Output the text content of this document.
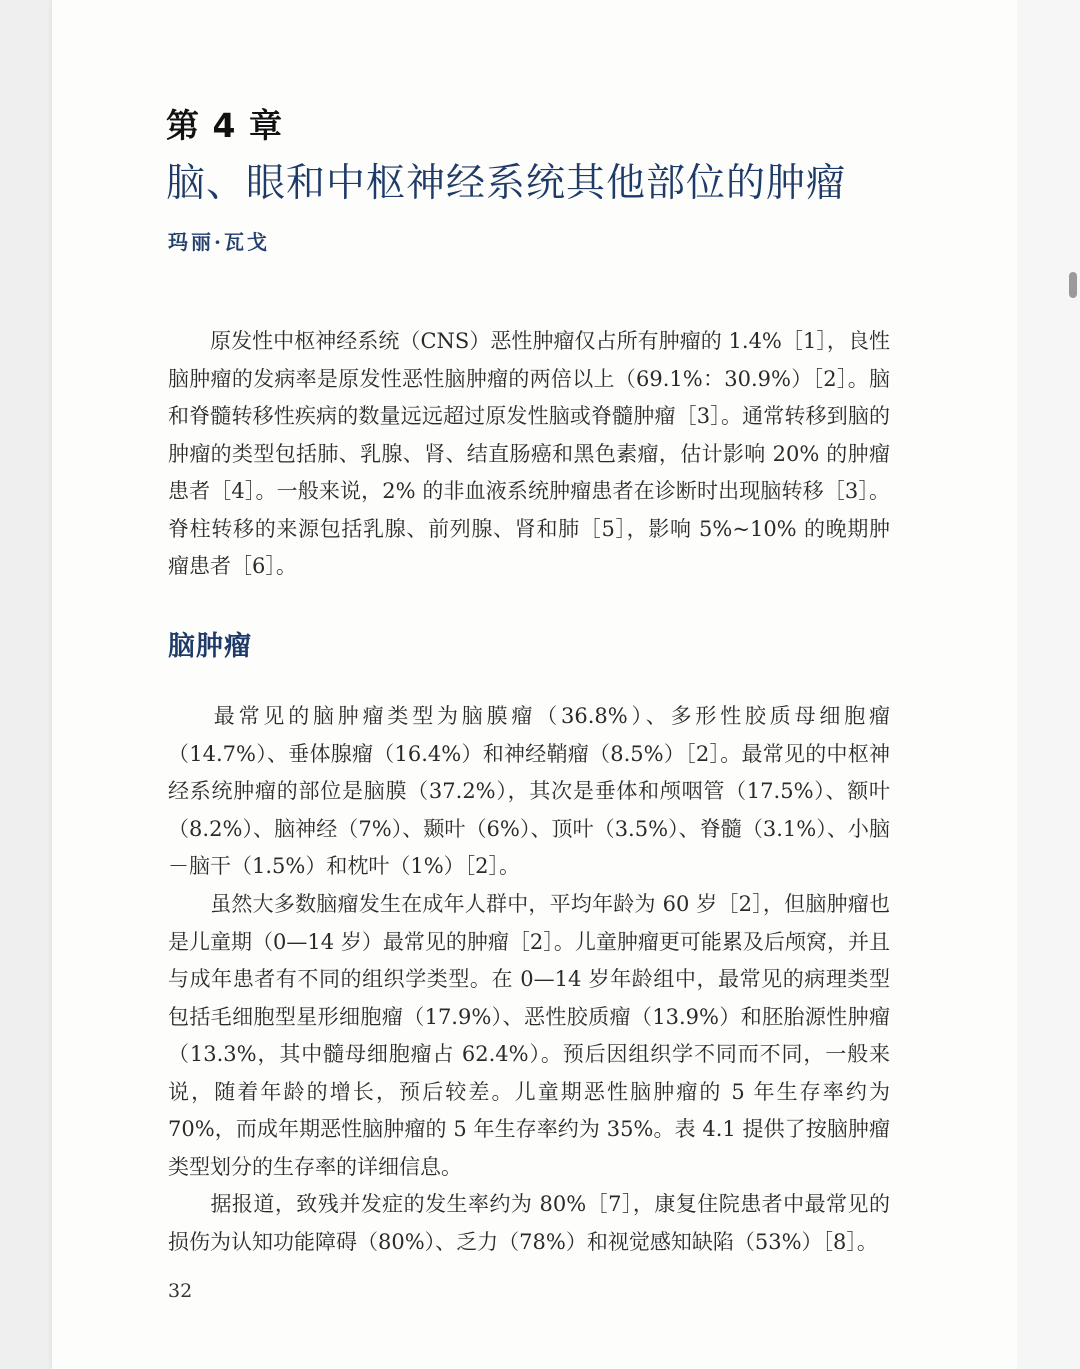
第 4 章
脑、眼和中枢神经系统其他部位的肿瘤
玛丽·瓦戈

原发性中枢神经系统（CNS）恶性肿瘤仅占所有肿瘤的 1.4%［1］，良性脑肿瘤的发病率是原发性恶性脑肿瘤的两倍以上（69.1%：30.9%）［2］。脑和脊髓转移性疾病的数量远远超过原发性脑或脊髓肿瘤［3］。通常转移到脑的肿瘤的类型包括肺、乳腺、肾、结直肠癌和黑色素瘤，估计影响 20% 的肿瘤患者［4］。一般来说，2% 的非血液系统肿瘤患者在诊断时出现脑转移［3］。脊柱转移的来源包括乳腺、前列腺、肾和肺［5］，影响 5%~10% 的晚期肿瘤患者［6］。

脑肿瘤

最常见的脑肿瘤类型为脑膜瘤（36.8%）、多形性胶质母细胞瘤（14.7%）、垂体腺瘤（16.4%）和神经鞘瘤（8.5%）［2］。最常见的中枢神经系统肿瘤的部位是脑膜（37.2%），其次是垂体和颅咽管（17.5%）、额叶（8.2%）、脑神经（7%）、颞叶（6%）、顶叶（3.5%）、脊髓（3.1%）、小脑－脑干（1.5%）和枕叶（1%）［2］。

虽然大多数脑瘤发生在成年人群中，平均年龄为 60 岁［2］，但脑肿瘤也是儿童期（0—14 岁）最常见的肿瘤［2］。儿童肿瘤更可能累及后颅窝，并且与成年患者有不同的组织学类型。在 0—14 岁年龄组中，最常见的病理类型包括毛细胞型星形细胞瘤（17.9%）、恶性胶质瘤（13.9%）和胚胎源性肿瘤（13.3%，其中髓母细胞瘤占 62.4%）。预后因组织学不同而不同，一般来说，随着年龄的增长，预后较差。儿童期恶性脑肿瘤的 5 年生存率约为 70%，而成年期恶性脑肿瘤的 5 年生存率约为 35%。表 4.1 提供了按脑肿瘤类型划分的生存率的详细信息。

据报道，致残并发症的发生率约为 80%［7］，康复住院患者中最常见的损伤为认知功能障碍（80%）、乏力（78%）和视觉感知缺陷（53%）［8］。

32
